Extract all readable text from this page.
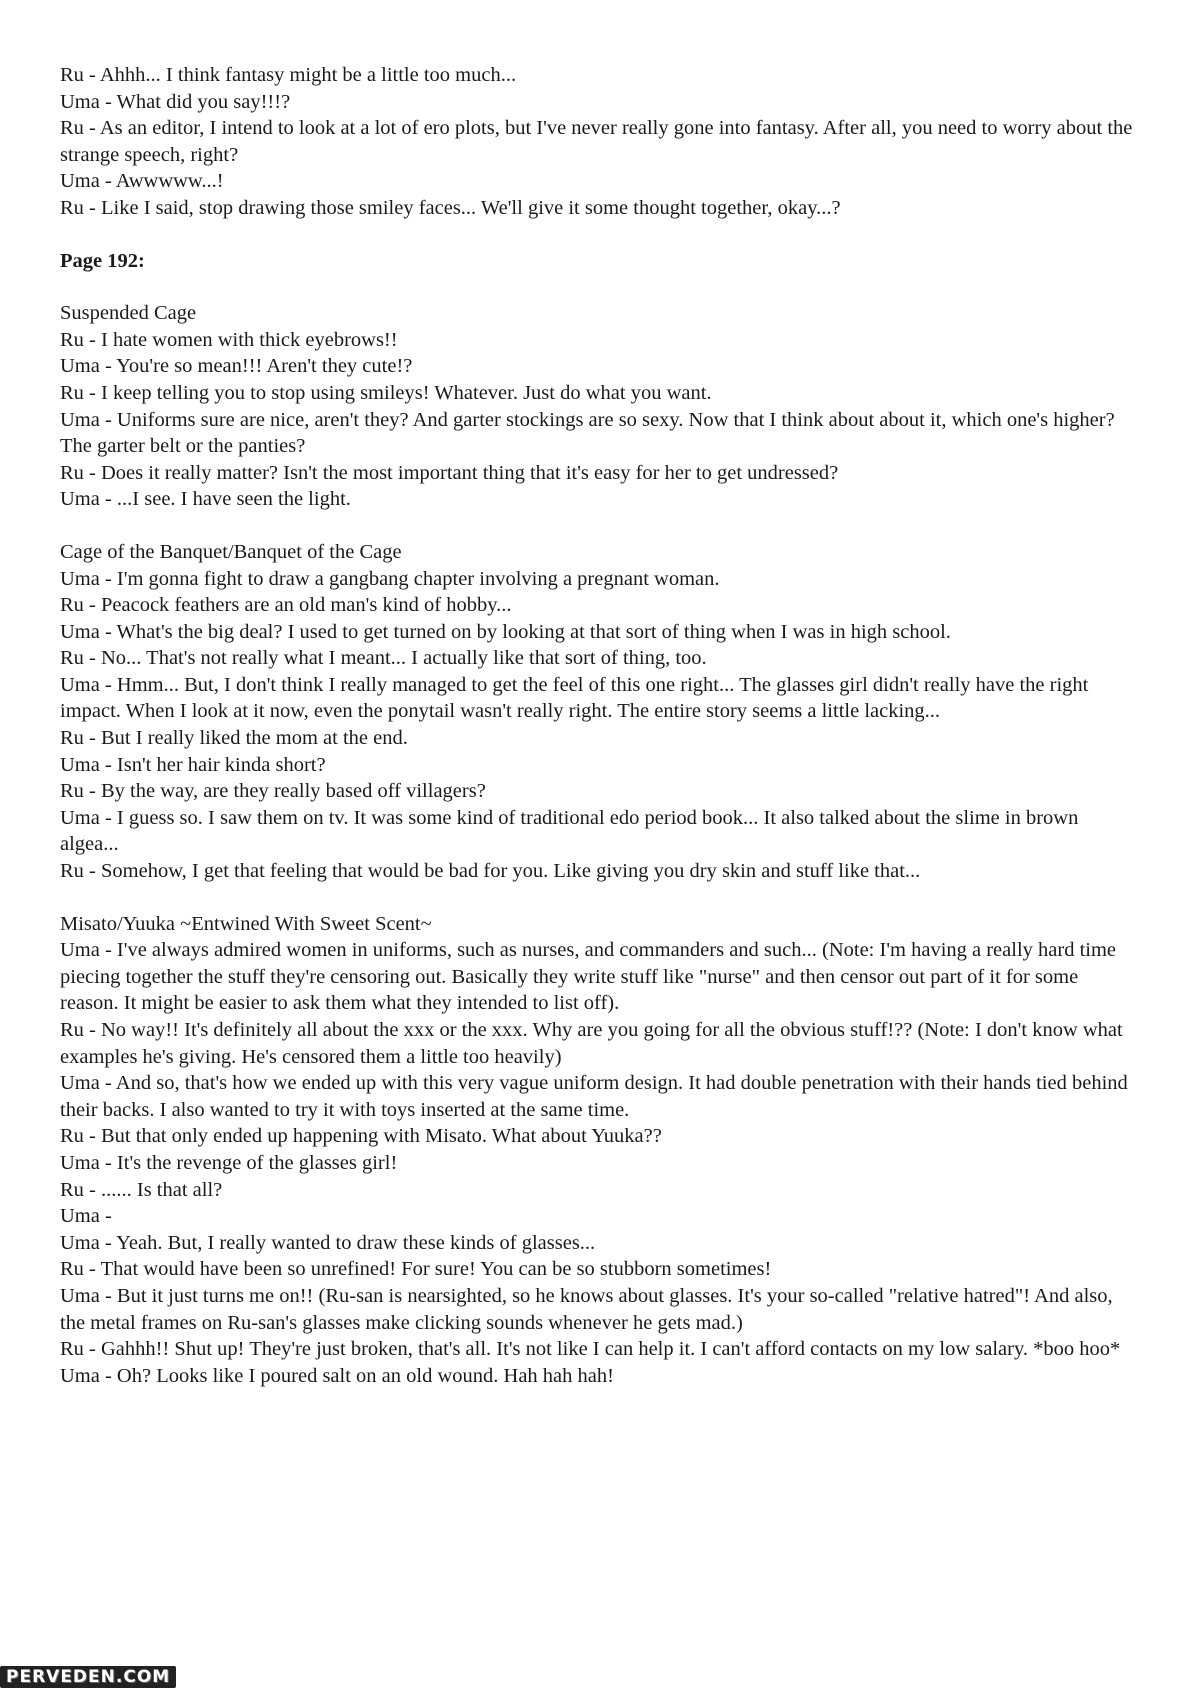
Ru - Ahhh... I think fantasy might be a little too much...

Uma - What did you say!!!?

Ru - As an editor, I intend to look at a lot of ero plots, but I've never really gone into fantasy. After all, you need to worry about the strange speech, right?

Uma - Awwwww...!

Ru - Like I said, stop drawing those smiley faces... We'll give it some thought together, okay...?

Page 192:

Suspended Cage

Ru - I hate women with thick eyebrows!!

Uma - You're so mean!!! Aren't they cute!?

Ru - I keep telling you to stop using smileys! Whatever. Just do what you want.

Uma - Uniforms sure are nice, aren't they? And garter stockings are so sexy. Now that I think about about it, which one's higher? The garter belt or the panties?

Ru - Does it really matter? Isn't the most important thing that it's easy for her to get undressed?

Uma - ...I see. I have seen the light.

Cage of the Banquet/Banquet of the Cage

Uma - I'm gonna fight to draw a gangbang chapter involving a pregnant woman.

Ru - Peacock feathers are an old man's kind of hobby...

Uma - What's the big deal? I used to get turned on by looking at that sort of thing when I was in high school.

Ru - No... That's not really what I meant... I actually like that sort of thing, too.

Uma - Hmm... But, I don't think I really managed to get the feel of this one right... The glasses girl didn't really have the right impact. When I look at it now, even the ponytail wasn't really right. The entire story seems a little lacking...

Ru - But I really liked the mom at the end.

Uma - Isn't her hair kinda short?

Ru - By the way, are they really based off villagers?

Uma - I guess so. I saw them on tv. It was some kind of traditional edo period book... It also talked about the slime in brown algea...

Ru - Somehow, I get that feeling that would be bad for you. Like giving you dry skin and stuff like that...

Misato/Yuuka ~Entwined With Sweet Scent~

Uma - I've always admired women in uniforms, such as nurses, and commanders and such... (Note: I'm having a really hard time piecing together the stuff they're censoring out. Basically they write stuff like "nurse" and then censor out part of it for some reason. It might be easier to ask them what they intended to list off).

Ru - No way!! It's definitely all about the xxx or the xxx. Why are you going for all the obvious stuff!?? (Note: I don't know what examples he's giving. He's censored them a little too heavily)

Uma - And so, that's how we ended up with this very vague uniform design. It had double penetration with their hands tied behind their backs. I also wanted to try it with toys inserted at the same time.

Ru - But that only ended up happening with Misato. What about Yuuka??

Uma - It's the revenge of the glasses girl!

Ru - ...... Is that all?

Uma -

Uma - Yeah. But, I really wanted to draw these kinds of glasses...

Ru - That would have been so unrefined! For sure! You can be so stubborn sometimes!

Uma - But it just turns me on!! (Ru-san is nearsighted, so he knows about glasses. It's your so-called "relative hatred"! And also, the metal frames on Ru-san's glasses make clicking sounds whenever he gets mad.)

Ru - Gahhh!! Shut up! They're just broken, that's all. It's not like I can help it. I can't afford contacts on my low salary. *boo hoo*

Uma - Oh? Looks like I poured salt on an old wound. Hah hah hah!

PERVEDEN.COM
